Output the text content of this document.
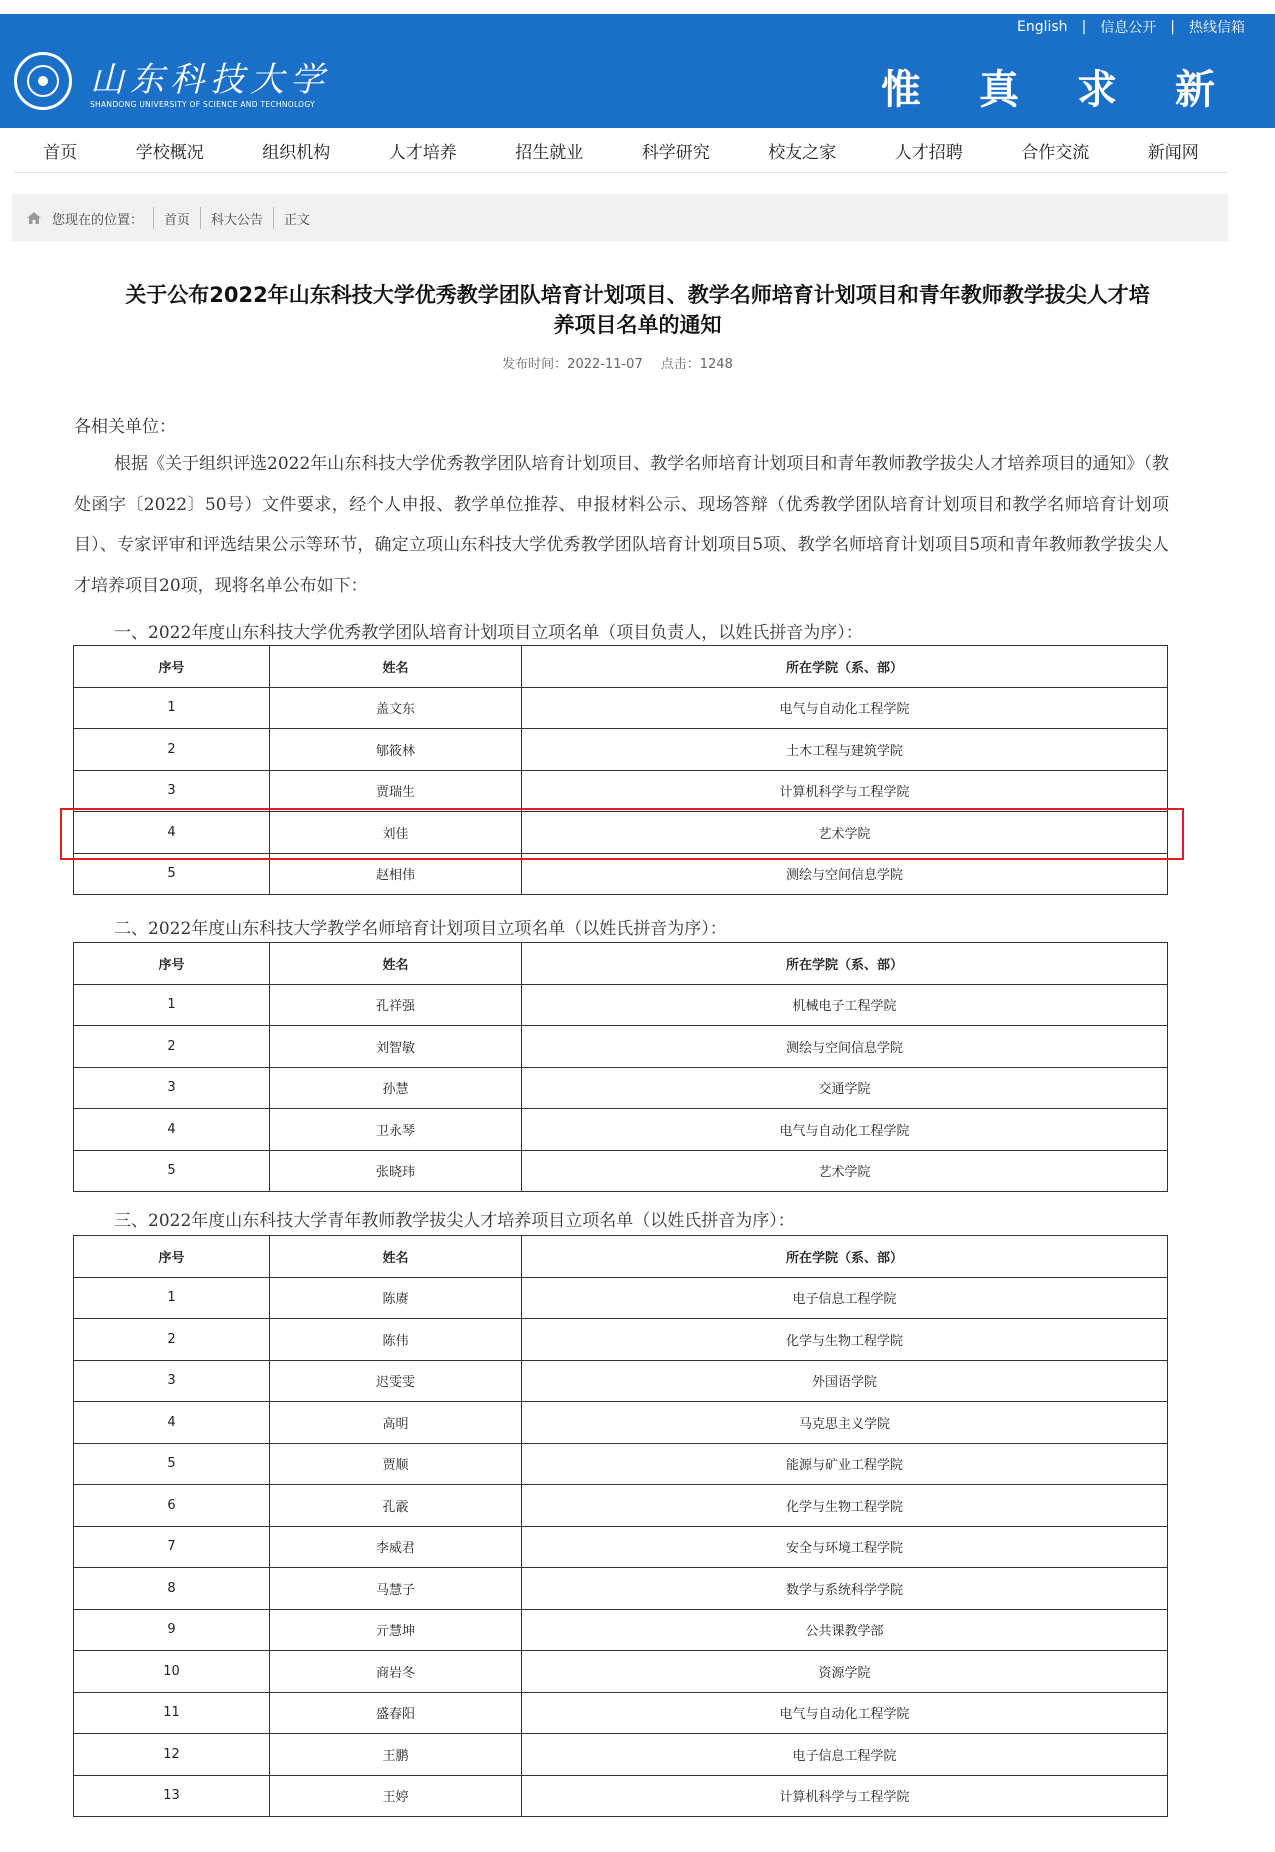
English | 信息公开 | 热线信箱
山东科技大学
SHANDONG UNIVERSITY OF SCIENCE AND TECHNOLOGY	惟 真 求 新
首页	学校概况	组织机构	人才培养	招生就业	科学研究	校友之家	人才招聘	合作交流	新闻网
您现在的位置： 首页 科大公告 正文
关于公布2022年山东科技大学优秀教学团队培育计划项目、教学名师培育计划项目和青年教师教学拔尖人才培
养项目名单的通知
发布时间：2022-11-07 点击：1248
各相关单位：
根据《关于组织评选2022年山东科技大学优秀教学团队培育计划项目、教学名师培育计划项目和青年教师教学拔尖人才培养项目的通知》（教处函字〔2022〕50号）文件要求，经个人申报、教学单位推荐、申报材料公示、现场答辩（优秀教学团队培育计划项目和教学名师培育计划项目）、专家评审和评选结果公示等环节，确定立项山东科技大学优秀教学团队培育计划项目5项、教学名师培育计划项目5项和青年教师教学拔尖人才培养项目20项，现将名单公布如下：
一、2022年度山东科技大学优秀教学团队培育计划项目立项名单（项目负责人，以姓氏拼音为序）：
序号	姓名	所在学院（系、部）
1	盖文东	电气与自动化工程学院
2	郇筱林	土木工程与建筑学院
3	贾瑞生	计算机科学与工程学院
4	刘佳	艺术学院
5	赵相伟	测绘与空间信息学院
二、2022年度山东科技大学教学名师培育计划项目立项名单（以姓氏拼音为序）：
序号	姓名	所在学院（系、部）
1	孔祥强	机械电子工程学院
2	刘智敏	测绘与空间信息学院
3	孙慧	交通学院
4	卫永琴	电气与自动化工程学院
5	张晓玮	艺术学院
三、2022年度山东科技大学青年教师教学拔尖人才培养项目立项名单（以姓氏拼音为序）：
序号	姓名	所在学院（系、部）
1	陈赓	电子信息工程学院
2	陈伟	化学与生物工程学院
3	迟雯雯	外国语学院
4	高明	马克思主义学院
5	贾顺	能源与矿业工程学院
6	孔霰	化学与生物工程学院
7	李威君	安全与环境工程学院
8	马慧子	数学与系统科学学院
9	亓慧坤	公共课教学部
10	商岩冬	资源学院
11	盛春阳	电气与自动化工程学院
12	王鹏	电子信息工程学院
13	王婷	计算机科学与工程学院
